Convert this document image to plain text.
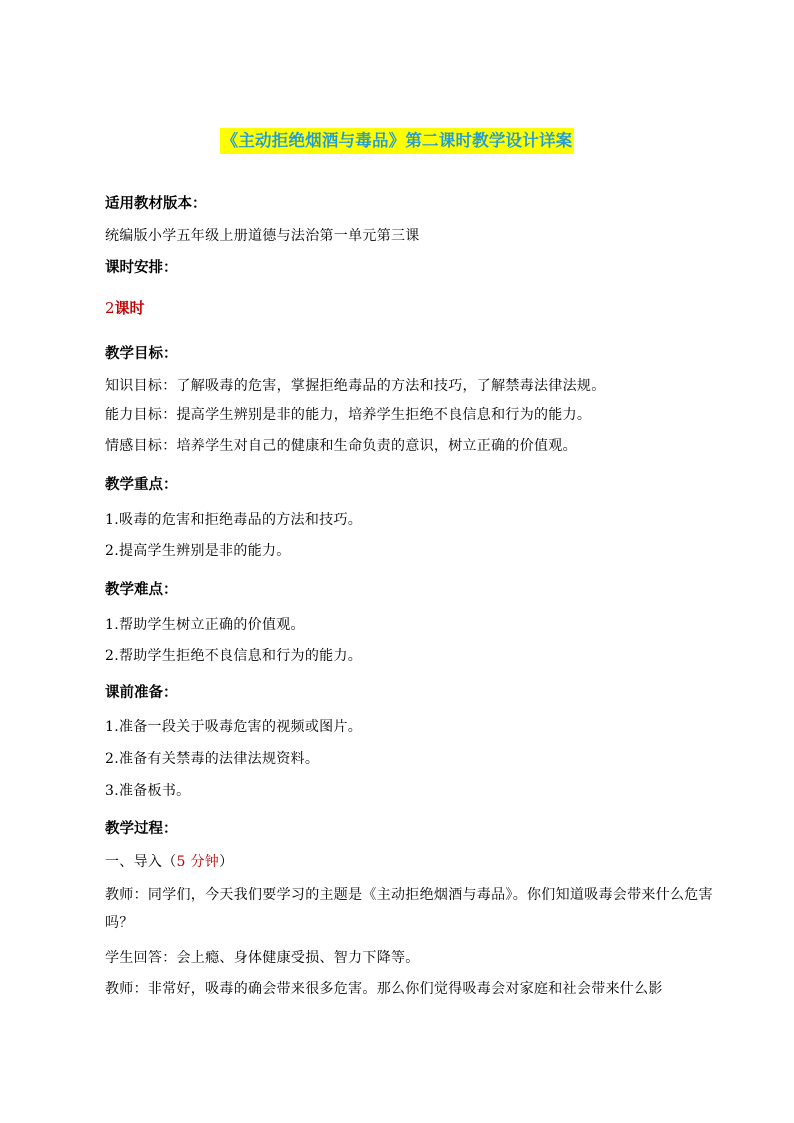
《主动拒绝烟酒与毒品》第二课时教学设计详案
适用教材版本：
统编版小学五年级上册道德与法治第一单元第三课
课时安排：
2课时
教学目标：
知识目标：了解吸毒的危害，掌握拒绝毒品的方法和技巧，了解禁毒法律法规。
能力目标：提高学生辨别是非的能力，培养学生拒绝不良信息和行为的能力。
情感目标：培养学生对自己的健康和生命负责的意识，树立正确的价值观。
教学重点：
1.吸毒的危害和拒绝毒品的方法和技巧。
2.提高学生辨别是非的能力。
教学难点：
1.帮助学生树立正确的价值观。
2.帮助学生拒绝不良信息和行为的能力。
课前准备：
1.准备一段关于吸毒危害的视频或图片。
2.准备有关禁毒的法律法规资料。
3.准备板书。
教学过程：
一、导入（5 分钟）
教师：同学们，今天我们要学习的主题是《主动拒绝烟酒与毒品》。你们知道吸毒会带来什么危害吗？
学生回答：会上瘾、身体健康受损、智力下降等。
教师：非常好，吸毒的确会带来很多危害。那么你们觉得吸毒会对家庭和社会带来什么影
